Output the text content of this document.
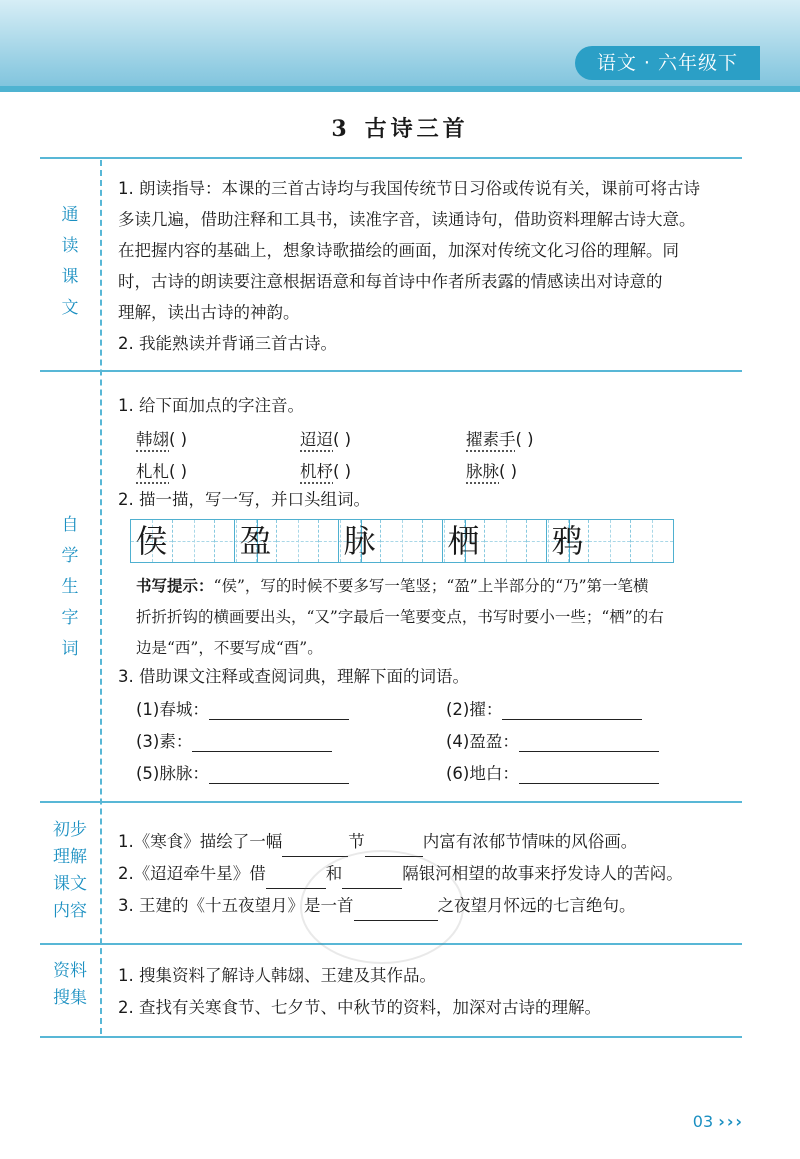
语文 · 六年级下
3 古诗三首
通
读
课
文

1. 朗读指导：本课的三首古诗均与我国传统节日习俗或传说有关，课前可将古诗

多读几遍，借助注释和工具书，读准字音，读通诗句，借助资料理解古诗大意。

在把握内容的基础上，想象诗歌描绘的画面，加深对传统文化习俗的理解。同

时，古诗的朗读要注意根据语意和每首诗中作者所表露的情感读出对诗意的

理解，读出古诗的神韵。

2. 我能熟读并背诵三首古诗。

自
学
生
字
词
1. 给下面加点的字注音。
韩翃( )	迢迢( )	擢素手( )
札札( )	机杼( )	脉脉( )
2. 描一描，写一写，并口头组词。
侯 盈 脉 栖 鸦
书写提示：“侯”，写的时候不要多写一笔竖；“盈”上半部分的“乃”第一笔横
折折折钩的横画要出头，“又”字最后一笔要变点，书写时要小一些；“栖”的右
边是“西”，不要写成“酉”。
3. 借助课文注释或查阅词典，理解下面的词语。
(1)春城：	(2)擢：
(3)素：	(4)盈盈：
(5)脉脉：	(6)地白：
初步
理解
课文
内容
1.《寒食》描绘了一幅	节	内富有浓郁节情味的风俗画。
2.《迢迢牵牛星》借	和	隔银河相望的故事来抒发诗人的苦闷。
3. 王建的《十五夜望月》是一首	之夜望月怀远的七言绝句。
资料
搜集
1. 搜集资料了解诗人韩翃、王建及其作品。
2. 查找有关寒食节、七夕节、中秋节的资料，加深对古诗的理解。
03 ›››
